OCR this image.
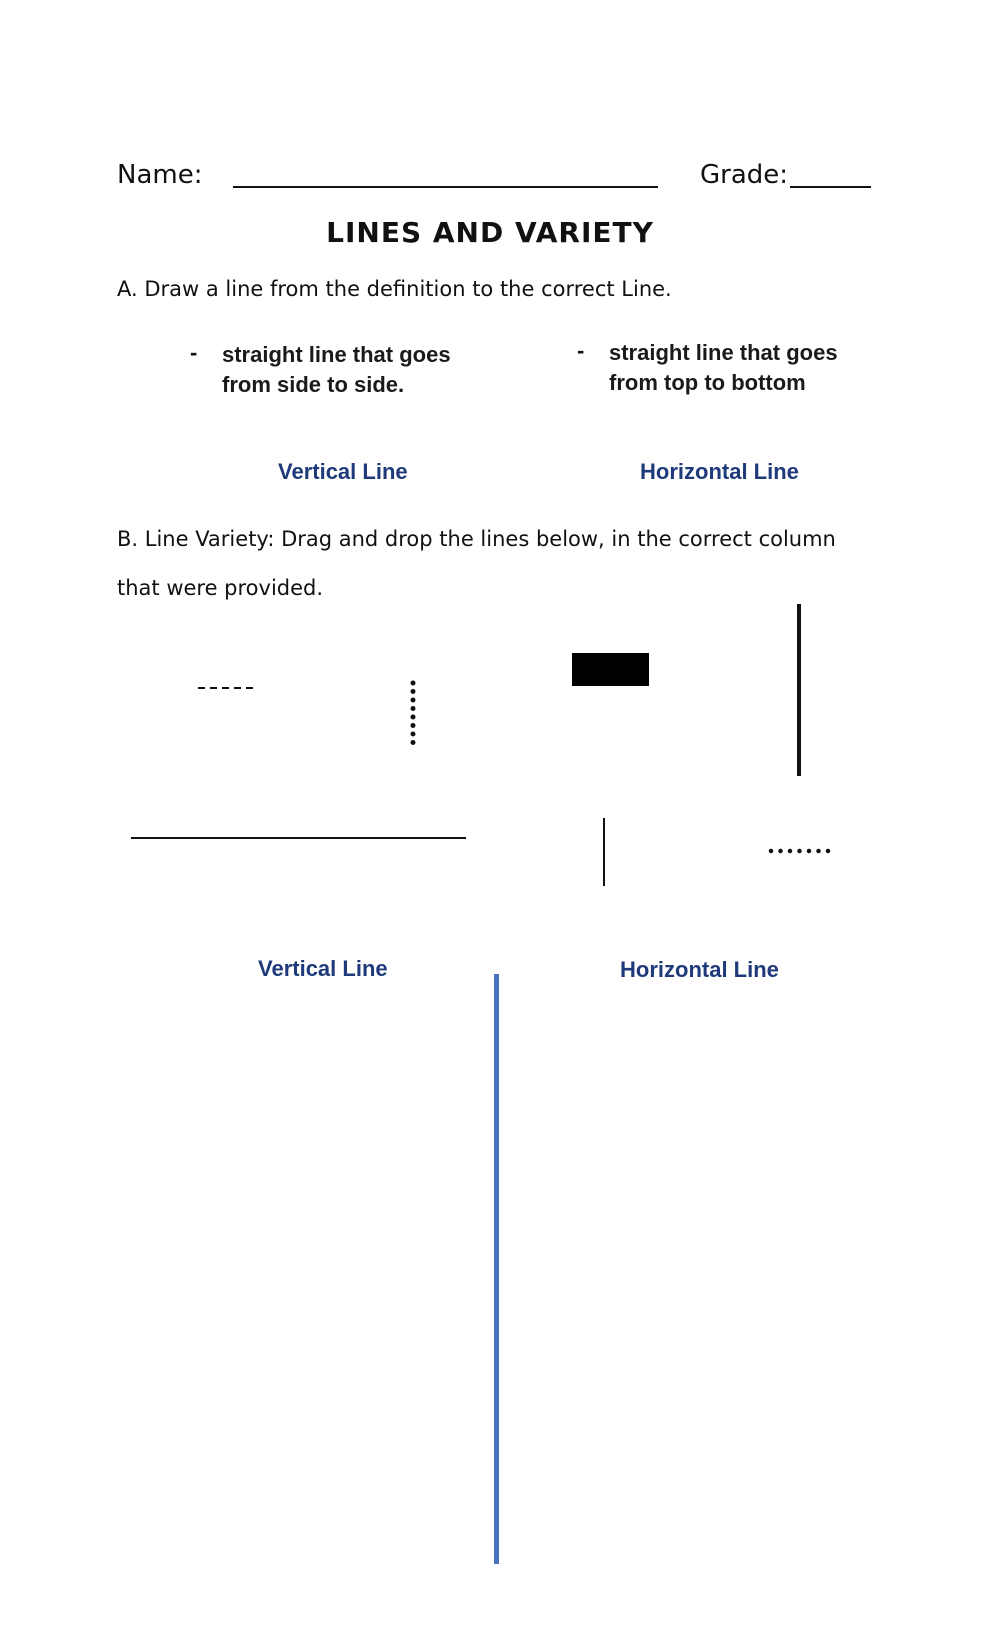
Name:	Grade:
LINES AND VARIETY
A. Draw a line from the definition to the correct Line.
- straight line that goes
from side to side.
- straight line that goes
from top to bottom
Vertical Line	Horizontal Line
B. Line Variety: Drag and drop the lines below, in the correct column
that were provided.
Vertical Line	Horizontal Line
